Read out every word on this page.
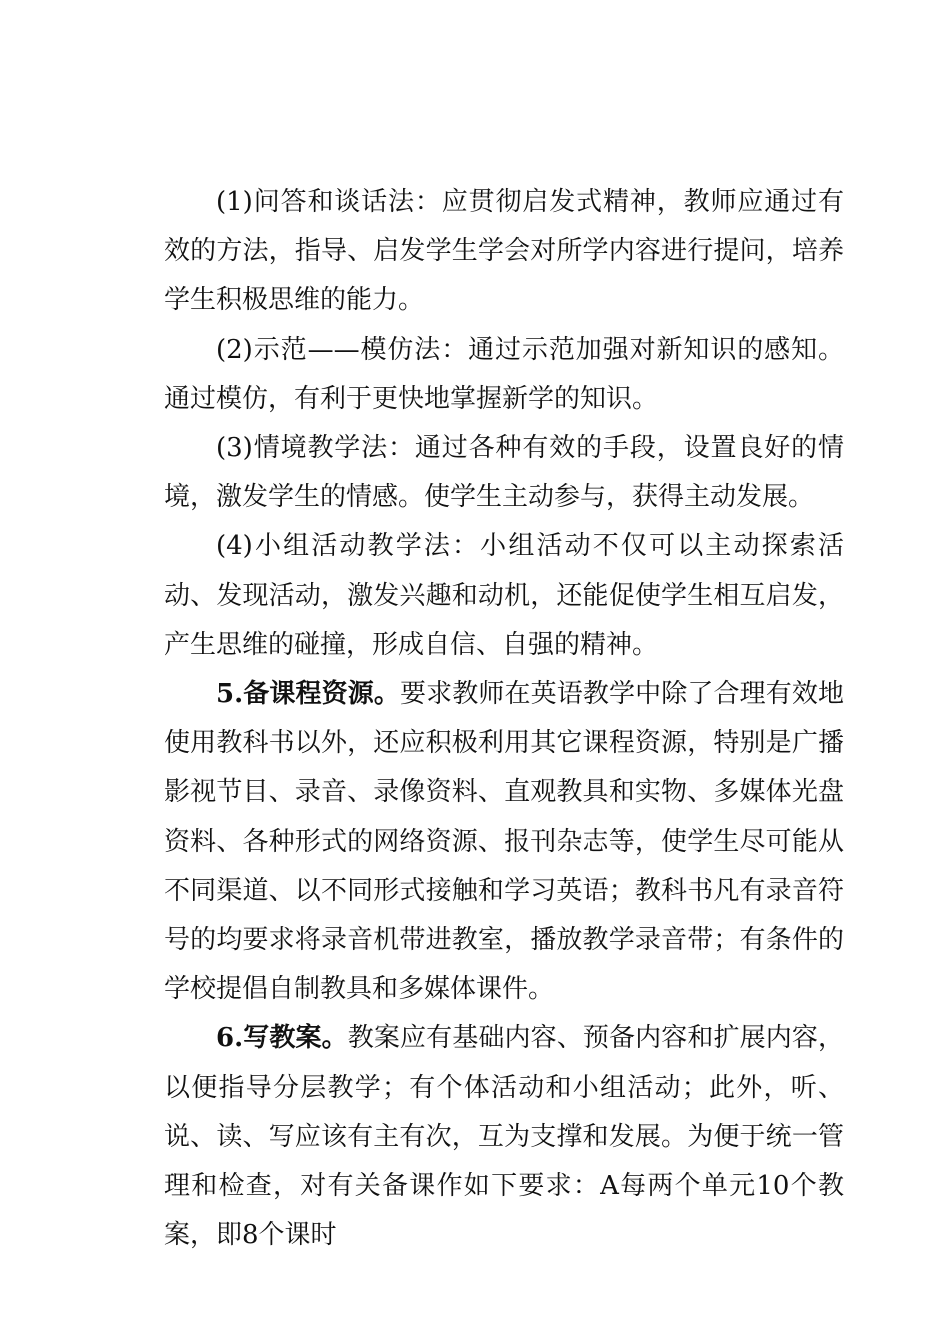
(1)问答和谈话法：应贯彻启发式精神，教师应通过有效的方法，指导、启发学生学会对所学内容进行提问，培养学生积极思维的能力。

(2)示范——模仿法：通过示范加强对新知识的感知。通过模仿，有利于更快地掌握新学的知识。

(3)情境教学法：通过各种有效的手段，设置良好的情境，激发学生的情感。使学生主动参与，获得主动发展。

(4)小组活动教学法：小组活动不仅可以主动探索活动、发现活动，激发兴趣和动机，还能促使学生相互启发，产生思维的碰撞，形成自信、自强的精神。

5.备课程资源。要求教师在英语教学中除了合理有效地使用教科书以外，还应积极利用其它课程资源，特别是广播影视节目、录音、录像资料、直观教具和实物、多媒体光盘资料、各种形式的网络资源、报刊杂志等，使学生尽可能从不同渠道、以不同形式接触和学习英语；教科书凡有录音符号的均要求将录音机带进教室，播放教学录音带；有条件的学校提倡自制教具和多媒体课件。

6.写教案。教案应有基础内容、预备内容和扩展内容，以便指导分层教学；有个体活动和小组活动；此外，听、说、读、写应该有主有次，互为支撑和发展。为便于统一管理和检查，对有关备课作如下要求：A每两个单元10个教案，即8个课时
